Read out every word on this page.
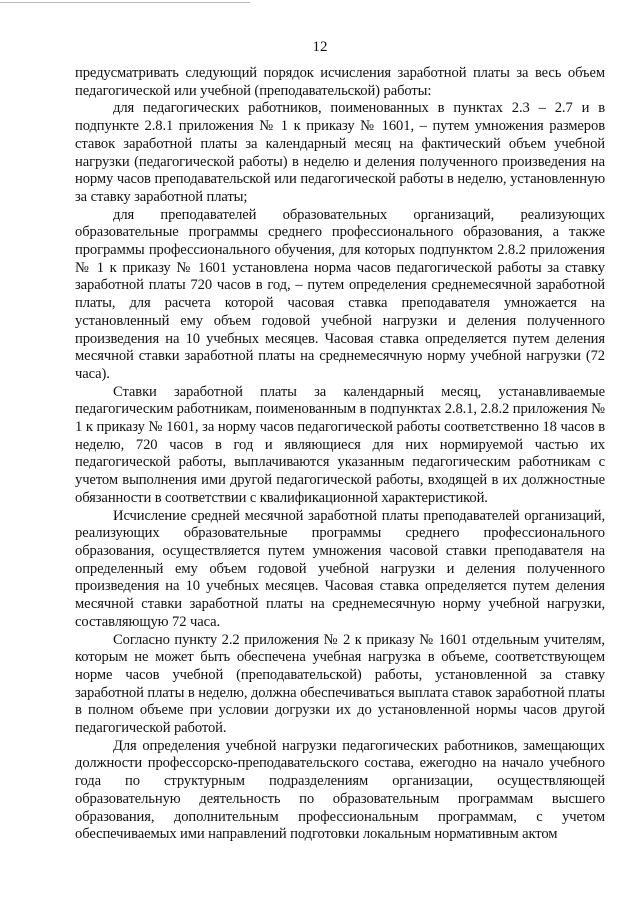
12

предусматривать следующий порядок исчисления заработной платы за весь объем педагогической или учебной (преподавательской) работы:

для педагогических работников, поименованных в пунктах 2.3 – 2.7 и в подпункте 2.8.1 приложения № 1 к приказу № 1601, – путем умножения размеров ставок заработной платы за календарный месяц на фактический объем учебной нагрузки (педагогической работы) в неделю и деления полученного произведения на норму часов преподавательской или педагогической работы в неделю, установленную за ставку заработной платы;

для преподавателей образовательных организаций, реализующих образовательные программы среднего профессионального образования, а также программы профессионального обучения, для которых подпунктом 2.8.2 приложения № 1 к приказу № 1601 установлена норма часов педагогической работы за ставку заработной платы 720 часов в год, – путем определения среднемесячной заработной платы, для расчета которой часовая ставка преподавателя умножается на установленный ему объем годовой учебной нагрузки и деления полученного произведения на 10 учебных месяцев. Часовая ставка определяется путем деления месячной ставки заработной платы на среднемесячную норму учебной нагрузки (72 часа).

Ставки заработной платы за календарный месяц, устанавливаемые педагогическим работникам, поименованным в подпунктах 2.8.1, 2.8.2 приложения № 1 к приказу № 1601, за норму часов педагогической работы соответственно 18 часов в неделю, 720 часов в год и являющиеся для них нормируемой частью их педагогической работы, выплачиваются указанным педагогическим работникам с учетом выполнения ими другой педагогической работы, входящей в их должностные обязанности в соответствии с квалификационной характеристикой.

Исчисление средней месячной заработной платы преподавателей организаций, реализующих образовательные программы среднего профессионального образования, осуществляется путем умножения часовой ставки преподавателя на определенный ему объем годовой учебной нагрузки и деления полученного произведения на 10 учебных месяцев. Часовая ставка определяется путем деления месячной ставки заработной платы на среднемесячную норму учебной нагрузки, составляющую 72 часа.

Согласно пункту 2.2 приложения № 2 к приказу № 1601 отдельным учителям, которым не может быть обеспечена учебная нагрузка в объеме, соответствующем норме часов учебной (преподавательской) работы, установленной за ставку заработной платы в неделю, должна обеспечиваться выплата ставок заработной платы в полном объеме при условии догрузки их до установленной нормы часов другой педагогической работой.

Для определения учебной нагрузки педагогических работников, замещающих должности профессорско-преподавательского состава, ежегодно на начало учебного года по структурным подразделениям организации, осуществляющей образовательную деятельность по образовательным программам высшего образования, дополнительным профессиональным программам, с учетом обеспечиваемых ими направлений подготовки локальным нормативным актом
